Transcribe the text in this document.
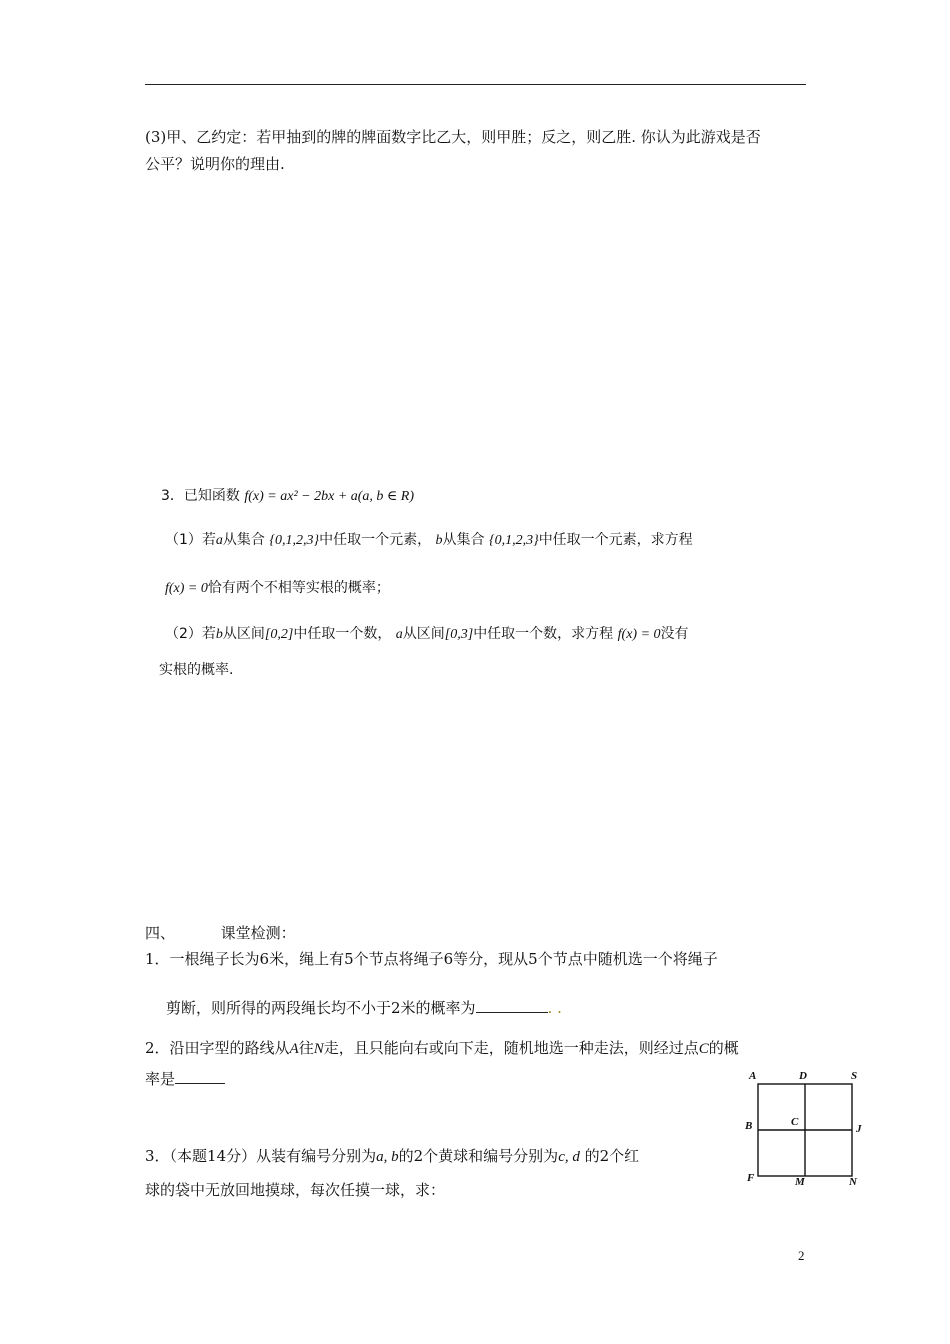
(3)甲、乙约定：若甲抽到的牌的牌面数字比乙大，则甲胜；反之，则乙胜. 你认为此游戏是否
公平？说明你的理由.
3．已知函数 f(x) = ax² − 2bx + a(a, b ∈ R)
（1）若a从集合 {0,1,2,3}中任取一个元素， b从集合 {0,1,2,3}中任取一个元素，求方程
f(x) = 0恰有两个不相等实根的概率；
（2）若b从区间[0,2]中任取一个数， a从区间[0,3]中任取一个数，求方程 f(x) = 0没有
实根的概率.
四、	课堂检测：
1．一根绳子长为6米，绳上有5个节点将绳子6等分，现从5个节点中随机选一个将绳子
剪断，则所得的两段绳长均不小于2米的概率为	. .
2．沿田字型的路线从A往N走，且只能向右或向下走，随机地选一种走法，则经过点C的概
率是
3．（本题14分）从装有编号分别为a, b的2个黄球和编号分别为c, d 的2个红
球的袋中无放回地摸球，每次任摸一球，求：
A	D	S
B	C
J
F	M	N
2
